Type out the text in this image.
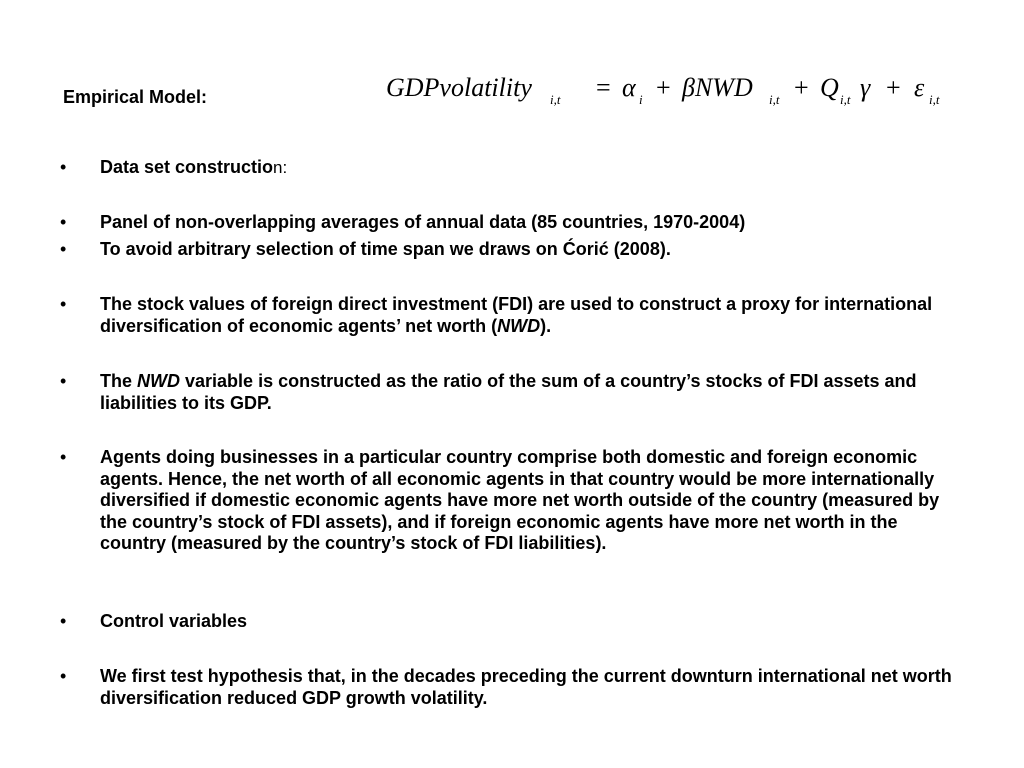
Empirical Model:	GDPvolatility i,t = α i + βNWD i,t + Q i,t γ + ε i,t
•	Data set construction:
•	Panel of non-overlapping averages of annual data (85 countries, 1970-2004)
•	To avoid arbitrary selection of time span we draws on Ćorić (2008).
•	The stock values of foreign direct investment (FDI) are used to construct a proxy for international diversification of economic agents’ net worth (NWD).
•	The NWD variable is constructed as the ratio of the sum of a country’s stocks of FDI assets and liabilities to its GDP.
•	Agents doing businesses in a particular country comprise both domestic and foreign economic agents. Hence, the net worth of all economic agents in that country would be more internationally diversified if domestic economic agents have more net worth outside of the country (measured by the country’s stock of FDI assets), and if foreign economic agents have more net worth in the country (measured by the country’s stock of FDI liabilities).
•	Control variables
•	We first test hypothesis that, in the decades preceding the current downturn international net worth diversification reduced GDP growth volatility.
